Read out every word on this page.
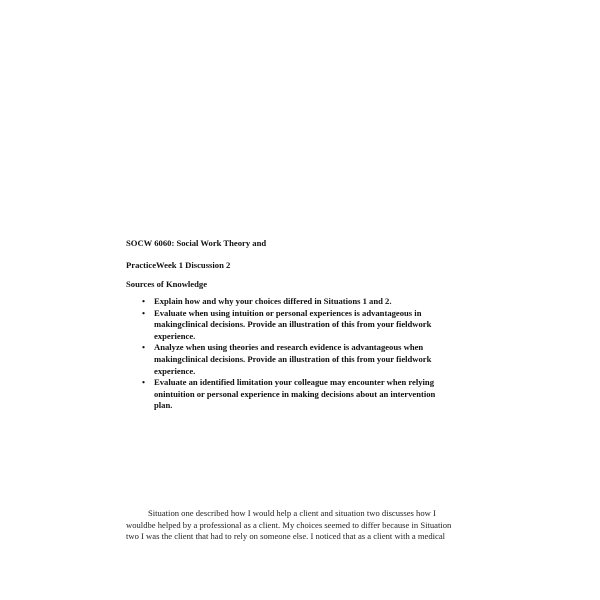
SOCW 6060: Social Work Theory and
PracticeWeek 1 Discussion 2
Sources of Knowledge
• Explain how and why your choices differed in Situations 1 and 2.
• Evaluate when using intuition or personal experiences is advantageous in
makingclinical decisions. Provide an illustration of this from your fieldwork
experience.
• Analyze when using theories and research evidence is advantageous when
makingclinical decisions. Provide an illustration of this from your fieldwork
experience.
• Evaluate an identified limitation your colleague may encounter when relying
onintuition or personal experience in making decisions about an intervention
plan.
Situation one described how I would help a client and situation two discusses how I
wouldbe helped by a professional as a client. My choices seemed to differ because in Situation
two I was the client that had to rely on someone else. I noticed that as a client with a medical
